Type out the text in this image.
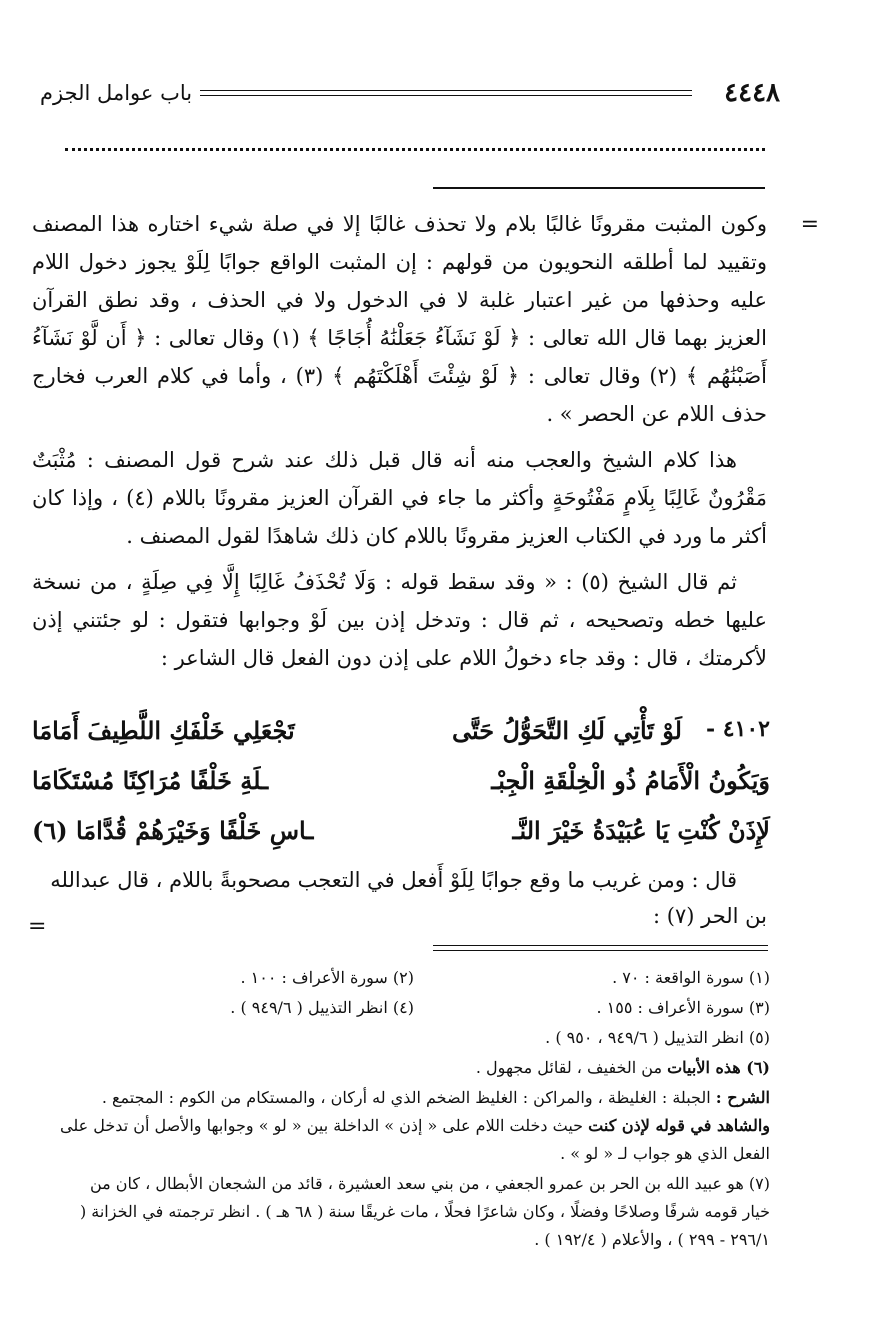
٤٤٤٨
باب عوامل الجزم
=

وكون المثبت مقرونًا غالبًا بلام ولا تحذف غالبًا إلا في صلة شيء اختاره هذا المصنف وتقييد لما أطلقه النحويون من قولهم : إن المثبت الواقع جوابًا لِلَوْ يجوز دخول اللام عليه وحذفها من غير اعتبار غلبة لا في الدخول ولا في الحذف ، وقد نطق القرآن العزيز بهما قال الله تعالى : ﴿ لَوْ نَشَآءُ جَعَلْنَٰهُ أُجَاجًا ﴾ (١) وقال تعالى : ﴿ أَن لَّوْ نَشَآءُ أَصَبْنَٰهُم ﴾ (٢) وقال تعالى : ﴿ لَوْ شِئْتَ أَهْلَكْتَهُم ﴾ (٣) ، وأما في كلام العرب فخارج حذف اللام عن الحصر » .

هذا كلام الشيخ والعجب منه أنه قال قبل ذلك عند شرح قول المصنف : مُثْبَتٌ مَقْرُونٌ غَالِبًا بِلَامٍ مَفْتُوحَةٍ وأكثر ما جاء في القرآن العزيز مقرونًا باللام (٤) ، وإذا كان أكثر ما ورد في الكتاب العزيز مقرونًا باللام كان ذلك شاهدًا لقول المصنف .

ثم قال الشيخ (٥) : « وقد سقط قوله : وَلَا تُحْذَفُ غَالِبًا إِلَّا فِي صِلَةٍ ، من نسخة عليها خطه وتصحيحه ، ثم قال : وتدخل إذن بين لَوْ وجوابها فتقول : لو جئتني إذن لأكرمتك ، قال : وقد جاء دخولُ اللام على إذن دون الفعل قال الشاعر :

٤١٠٢ -
لَوْ تَأْتِي لَكِ التَّحَوُّلُ حَتَّى
تَجْعَلِي خَلْفَكِ اللَّطِيفَ أَمَامَا
وَيَكُونُ الْأَمَامُ ذُو الْخِلْقَةِ الْجِبْـ
ـلَةِ خَلْفًا مُرَاكِنًا مُسْتَكَامَا
لَإِذَنْ كُنْتِ يَا عُبَيْدَةُ خَيْرَ النَّـ
ـاسِ خَلْفًا وَخَيْرَهُمْ قُدَّامَا (٦)

قال : ومن غريب ما وقع جوابًا لِلَوْ أَفعل في التعجب مصحوبةً باللام ، قال عبدالله بن الحر (٧) :

=
(١) سورة الواقعة : ٧٠ .
(٢) سورة الأعراف : ١٠٠ .
(٣) سورة الأعراف : ١٥٥ .
(٤) انظر التذييل ( ٩٤٩/٦ ) .

(٥) انظر التذييل ( ٩٤٩/٦ ، ٩٥٠ ) .

(٦) هذه الأبيات من الخفيف ، لقائل مجهول .

الشرح : الجبلة : الغليظة ، والمراكن : الغليظ الضخم الذي له أركان ، والمستكام من الكوم : المجتمع . والشاهد في قوله لإذن كنت حيث دخلت اللام على « إذن » الداخلة بين « لو » وجوابها والأصل أن تدخل على الفعل الذي هو جواب لـ « لو » .

(٧) هو عبيد الله بن الحر بن عمرو الجعفي ، من بني سعد العشيرة ، قائد من الشجعان الأبطال ، كان من خيار قومه شرفًا وصلاحًا وفضلًا ، وكان شاعرًا فحلًا ، مات غريقًا سنة ( ٦٨ هـ ) . انظر ترجمته في الخزانة ( ٢٩٦/١ - ٢٩٩ ) ، والأعلام ( ١٩٢/٤ ) .
